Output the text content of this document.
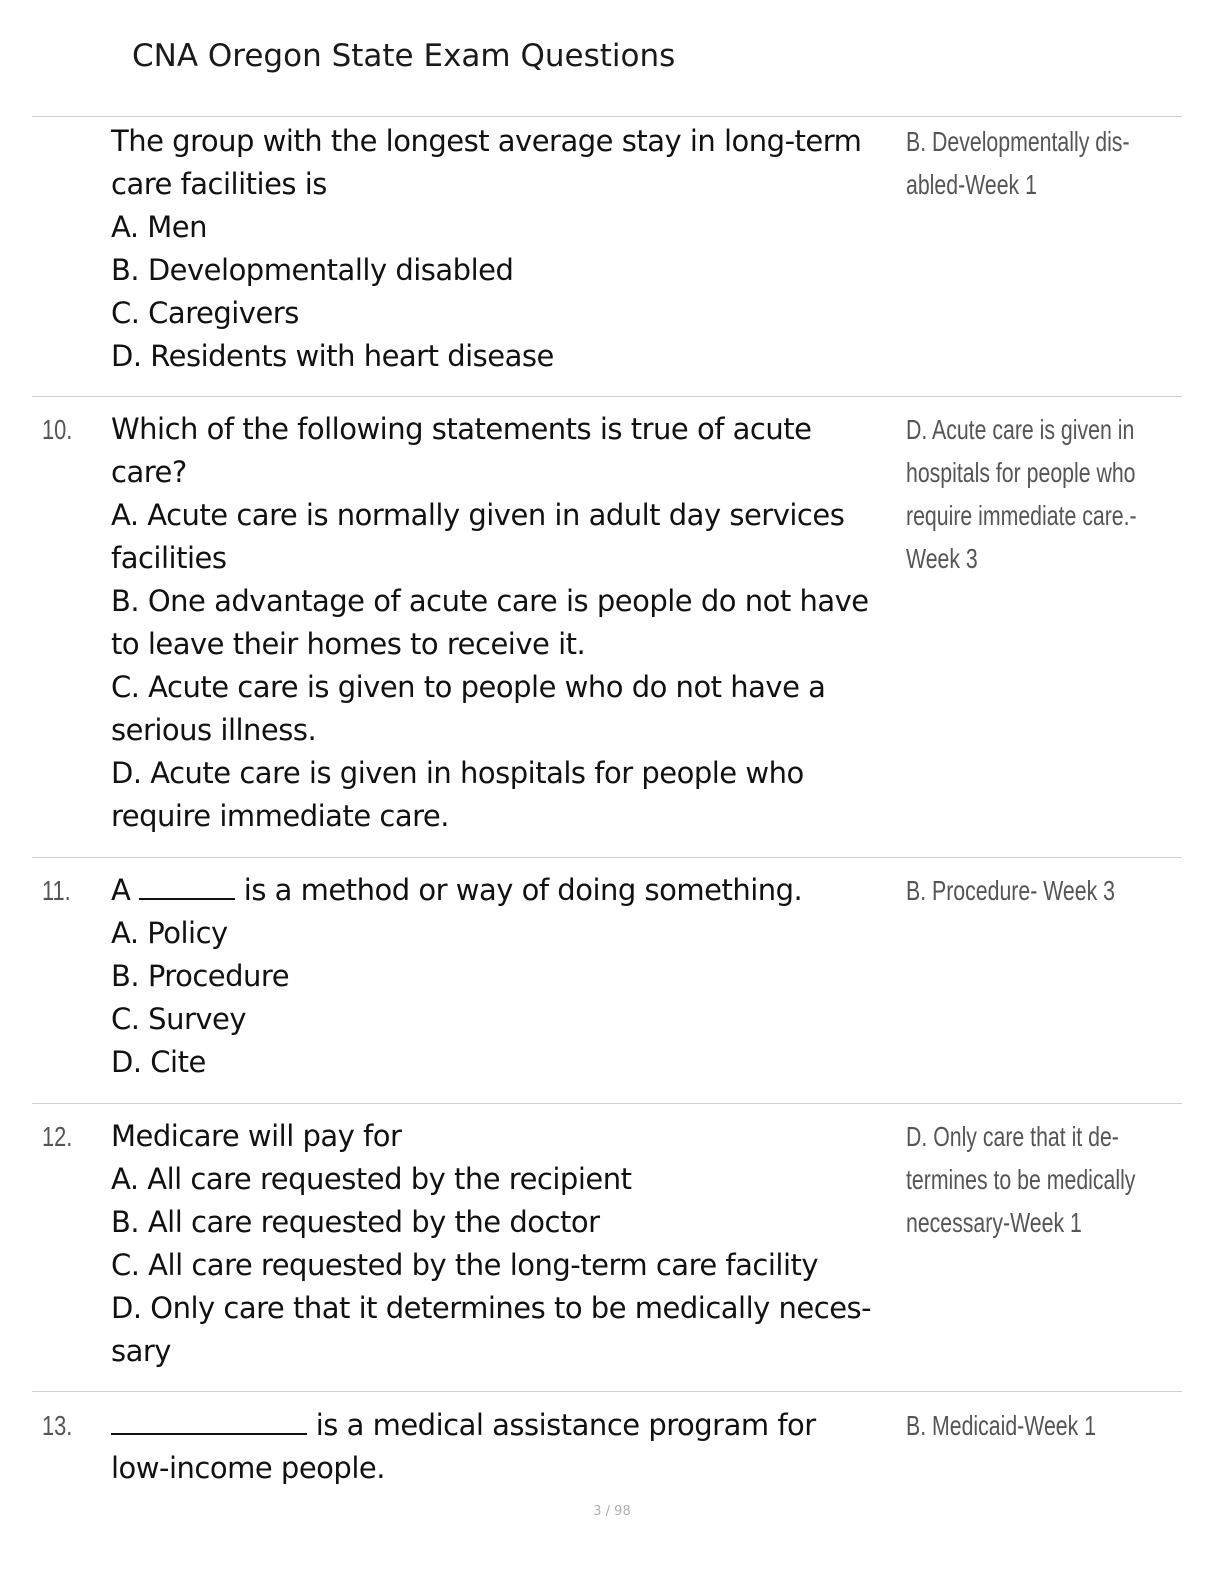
CNA Oregon State Exam Questions
The group with the longest average stay in long-term
care facilities is
A. Men
B. Developmentally disabled
C. Caregivers
D. Residents with heart disease
B. Developmentally dis-
abled-Week 1
10. Which of the following statements is true of acute
care?
A. Acute care is normally given in adult day services
facilities
B. One advantage of acute care is people do not have
to leave their homes to receive it.
C. Acute care is given to people who do not have a
serious illness.
D. Acute care is given in hospitals for people who
require immediate care.
D. Acute care is given in
hospitals for people who
require immediate care.-
Week 3
11. A	is a method or way of doing something.
A. Policy
B. Procedure
C. Survey
D. Cite
B. Procedure- Week 3
12. Medicare will pay for
A. All care requested by the recipient
B. All care requested by the doctor
C. All care requested by the long-term care facility
D. Only care that it determines to be medically neces-
sary
D. Only care that it de-
termines to be medically
necessary-Week 1
13.	is a medical assistance program for
low-income people.
B. Medicaid-Week 1
3 / 98
